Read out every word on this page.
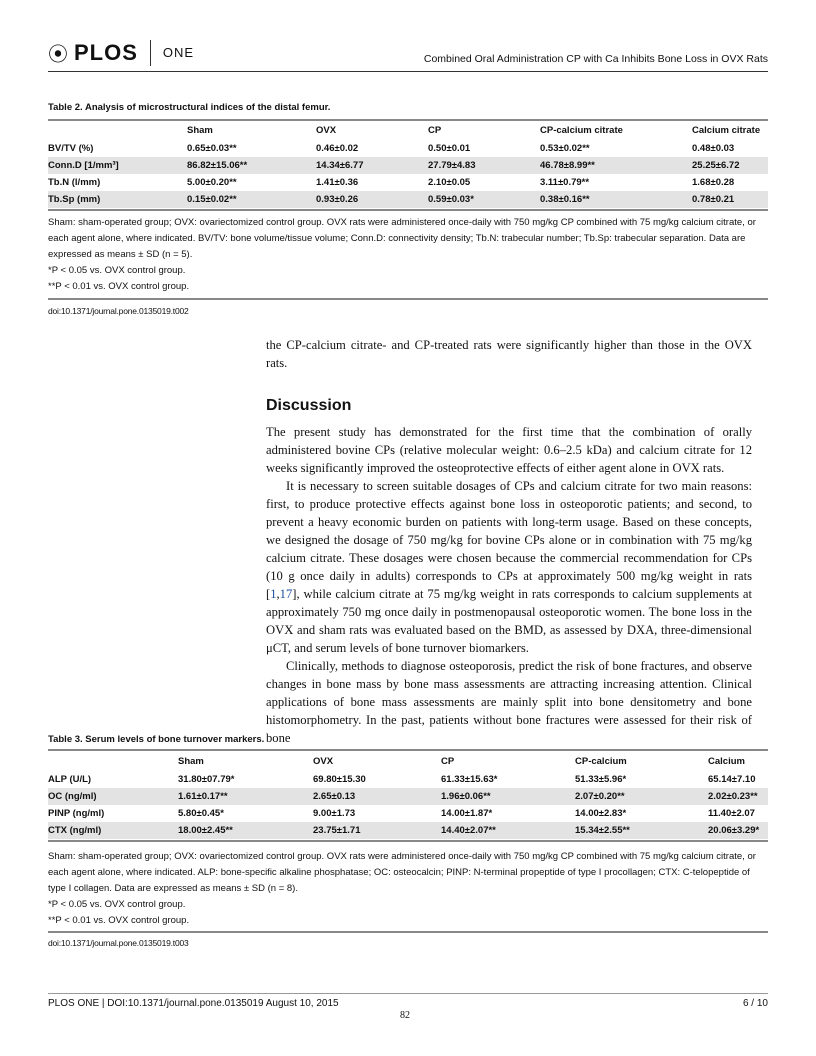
⦿ PLOS ONE	Combined Oral Administration CP with Ca Inhibits Bone Loss in OVX Rats
Table 2. Analysis of microstructural indices of the distal femur.
	Sham	OVX	CP	CP-calcium citrate	Calcium citrate
BV/TV (%)	0.65±0.03**	0.46±0.02	0.50±0.01	0.53±0.02**	0.48±0.03
Conn.D [1/mm³]	86.82±15.06**	14.34±6.77	27.79±4.83	46.78±8.99**	25.25±6.72
Tb.N (l/mm)	5.00±0.20**	1.41±0.36	2.10±0.05	3.11±0.79**	1.68±0.28
Tb.Sp (mm)	0.15±0.02**	0.93±0.26	0.59±0.03*	0.38±0.16**	0.78±0.21
Sham: sham-operated group; OVX: ovariectomized control group. OVX rats were administered once-daily with 750 mg/kg CP combined with 75 mg/kg calcium citrate, or each agent alone, where indicated. BV/TV: bone volume/tissue volume; Conn.D: connectivity density; Tb.N: trabecular number; Tb.Sp: trabecular separation. Data are expressed as means ± SD (n = 5).
*P < 0.05 vs. OVX control group.
**P < 0.01 vs. OVX control group.
doi:10.1371/journal.pone.0135019.t002
the CP-calcium citrate- and CP-treated rats were significantly higher than those in the OVX rats.
Discussion

The present study has demonstrated for the first time that the combination of orally administered bovine CPs (relative molecular weight: 0.6–2.5 kDa) and calcium citrate for 12 weeks significantly improved the osteoprotective effects of either agent alone in OVX rats.

It is necessary to screen suitable dosages of CPs and calcium citrate for two main reasons: first, to produce protective effects against bone loss in osteoporotic patients; and second, to prevent a heavy economic burden on patients with long-term usage. Based on these concepts, we designed the dosage of 750 mg/kg for bovine CPs alone or in combination with 75 mg/kg calcium citrate. These dosages were chosen because the commercial recommendation for CPs (10 g once daily in adults) corresponds to CPs at approximately 500 mg/kg weight in rats [1,17], while calcium citrate at 75 mg/kg weight in rats corresponds to calcium supplements at approximately 750 mg once daily in postmenopausal osteoporotic women. The bone loss in the OVX and sham rats was evaluated based on the BMD, as assessed by DXA, three-dimensional μCT, and serum levels of bone turnover biomarkers.

Clinically, methods to diagnose osteoporosis, predict the risk of bone fractures, and observe changes in bone mass by bone mass assessments are attracting increasing attention. Clinical applications of bone mass assessments are mainly split into bone densitometry and bone histomorphometry. In the past, patients without bone fractures were assessed for their risk of bone

Table 3. Serum levels of bone turnover markers.
	Sham	OVX	CP	CP-calcium	Calcium
ALP (U/L)	31.80±07.79*	69.80±15.30	61.33±15.63*	51.33±5.96*	65.14±7.10
OC (ng/ml)	1.61±0.17**	2.65±0.13	1.96±0.06**	2.07±0.20**	2.02±0.23**
PINP (ng/ml)	5.80±0.45*	9.00±1.73	14.00±1.87*	14.00±2.83*	11.40±2.07
CTX (ng/ml)	18.00±2.45**	23.75±1.71	14.40±2.07**	15.34±2.55**	20.06±3.29*
Sham: sham-operated group; OVX: ovariectomized control group. OVX rats were administered once-daily with 750 mg/kg CP combined with 75 mg/kg calcium citrate, or each agent alone, where indicated. ALP: bone-specific alkaline phosphatase; OC: osteocalcin; PINP: N-terminal propeptide of type I procollagen; CTX: C-telopeptide of type I collagen. Data are expressed as means ± SD (n = 8).
*P < 0.05 vs. OVX control group.
**P < 0.01 vs. OVX control group.
doi:10.1371/journal.pone.0135019.t003
PLOS ONE | DOI:10.1371/journal.pone.0135019 August 10, 2015	6 / 10
82
